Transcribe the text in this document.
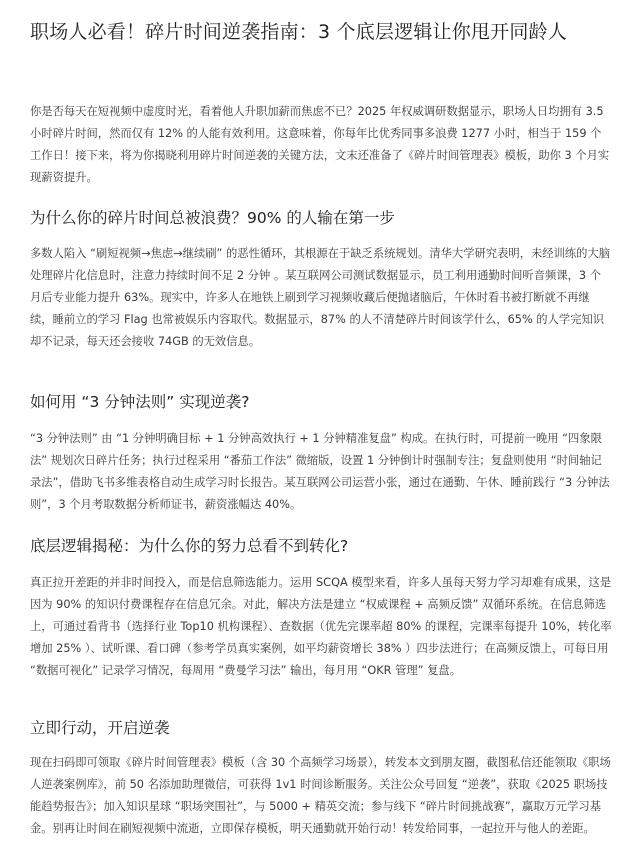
职场人必看！碎片时间逆袭指南：3 个底层逻辑让你甩开同龄人

你是否每天在短视频中虚度时光，看着他人升职加薪而焦虑不已？2025 年权威调研数据显示，职场人日均拥有 3.5 小时碎片时间，然而仅有 12% 的人能有效利用。这意味着，你每年比优秀同事多浪费 1277 小时，相当于 159 个工作日！接下来，将为你揭晓利用碎片时间逆袭的关键方法，文末还准备了《碎片时间管理表》模板，助你 3 个月实现薪资提升。

为什么你的碎片时间总被浪费？90% 的人输在第一步

多数人陷入 “刷短视频→焦虑→继续刷” 的恶性循环，其根源在于缺乏系统规划。清华大学研究表明，未经训练的大脑处理碎片化信息时，注意力持续时间不足 2 分钟 。某互联网公司测试数据显示，员工利用通勤时间听音频课，3 个月后专业能力提升 63%。现实中，许多人在地铁上刷到学习视频收藏后便抛诸脑后，午休时看书被打断就不再继续，睡前立的学习 Flag 也常被娱乐内容取代。数据显示，87% 的人不清楚碎片时间该学什么，65% 的人学完知识却不记录，每天还会接收 74GB 的无效信息。

如何用 “3 分钟法则” 实现逆袭?

“3 分钟法则” 由 “1 分钟明确目标 + 1 分钟高效执行 + 1 分钟精准复盘” 构成。在执行时，可提前一晚用 “四象限法” 规划次日碎片任务；执行过程采用 “番茄工作法” 微缩版，设置 1 分钟倒计时强制专注；复盘则使用 “时间轴记录法”，借助飞书多维表格自动生成学习时长报告。某互联网公司运营小张，通过在通勤、午休、睡前践行 “3 分钟法则”，3 个月考取数据分析师证书，薪资涨幅达 40%。

底层逻辑揭秘：为什么你的努力总看不到转化?

真正拉开差距的并非时间投入，而是信息筛选能力。运用 SCQA 模型来看，许多人虽每天努力学习却难有成果，这是因为 90% 的知识付费课程存在信息冗余。对此，解决方法是建立 “权威课程 + 高频反馈” 双循环系统。在信息筛选上，可通过看背书（选择行业 Top10 机构课程）、查数据（优先完课率超 80% 的课程，完课率每提升 10%，转化率增加 25% ）、试听课、看口碑（参考学员真实案例，如平均薪资增长 38% ）四步法进行；在高频反馈上，可每日用 “数据可视化” 记录学习情况，每周用 “费曼学习法” 输出，每月用 “OKR 管理” 复盘。

立即行动，开启逆袭

现在扫码即可领取《碎片时间管理表》模板（含 30 个高频学习场景），转发本文到朋友圈，截图私信还能领取《职场人逆袭案例库》，前 50 名添加助理微信，可获得 1v1 时间诊断服务。关注公众号回复 “逆袭”，获取《2025 职场技能趋势报告》；加入知识星球 “职场突围社”，与 5000 + 精英交流；参与线下 “碎片时间挑战赛”，赢取万元学习基金。别再让时间在刷短视频中流逝，立即保存模板，明天通勤就开始行动！转发给同事，一起拉开与他人的差距。
